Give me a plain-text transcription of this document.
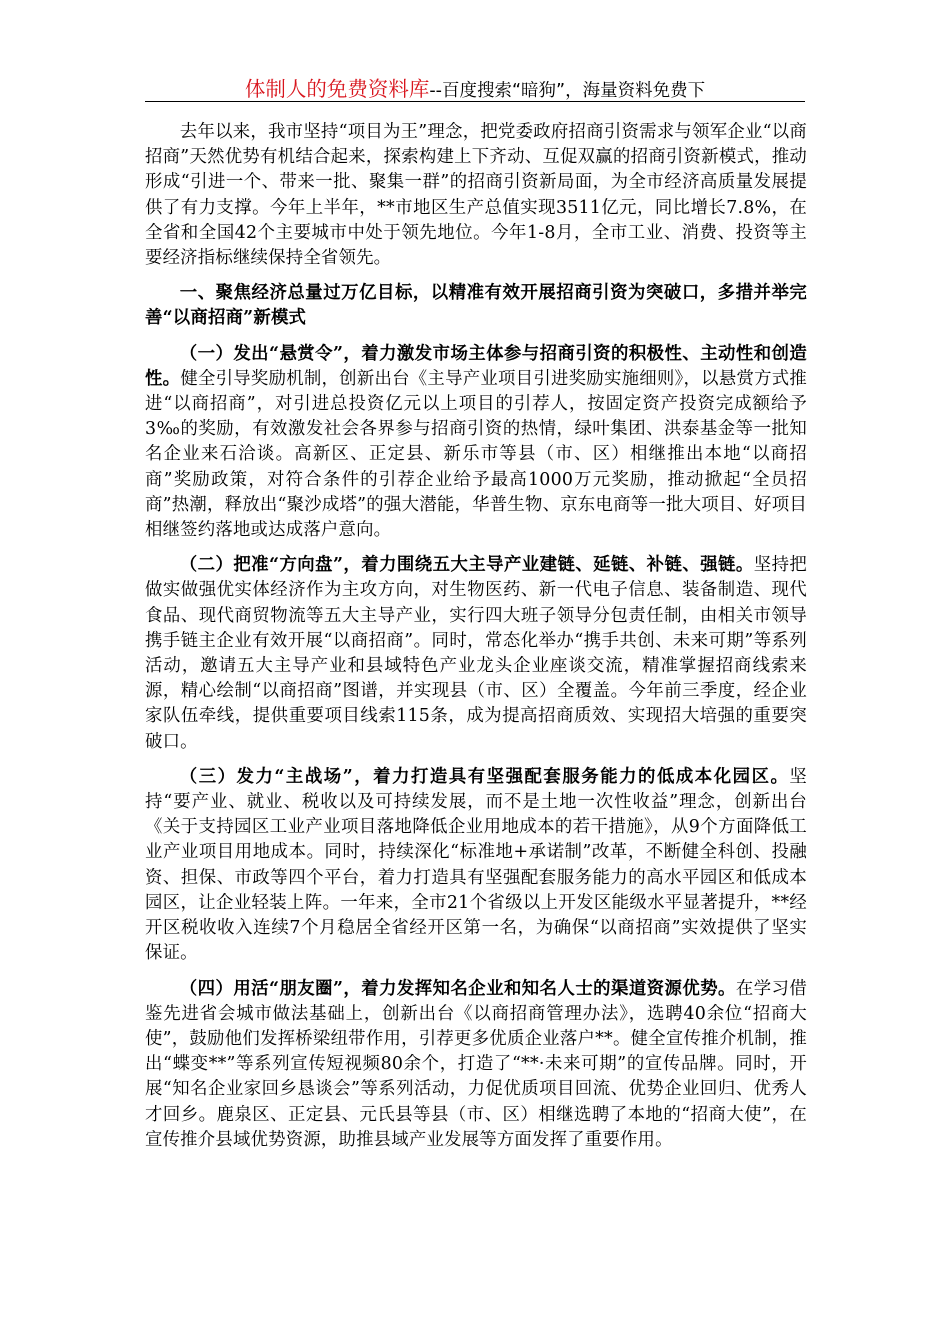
体制人的免费资料库--百度搜索“暗狗”，海量资料免费下

去年以来，我市坚持“项目为王”理念，把党委政府招商引资需求与领军企业“以商招商”天然优势有机结合起来，探索构建上下齐动、互促双赢的招商引资新模式，推动形成“引进一个、带来一批、聚集一群”的招商引资新局面，为全市经济高质量发展提供了有力支撑。今年上半年，**市地区生产总值实现3511亿元，同比增长7.8%，在全省和全国42个主要城市中处于领先地位。今年1-8月，全市工业、消费、投资等主要经济指标继续保持全省领先。

一、聚焦经济总量过万亿目标，以精准有效开展招商引资为突破口，多措并举完善“以商招商”新模式

（一）发出“悬赏令”，着力激发市场主体参与招商引资的积极性、主动性和创造性。健全引导奖励机制，创新出台《主导产业项目引进奖励实施细则》，以悬赏方式推进“以商招商”，对引进总投资亿元以上项目的引荐人，按固定资产投资完成额给予3‰的奖励，有效激发社会各界参与招商引资的热情，绿叶集团、洪泰基金等一批知名企业来石洽谈。高新区、正定县、新乐市等县（市、区）相继推出本地“以商招商”奖励政策，对符合条件的引荐企业给予最高1000万元奖励，推动掀起“全员招商”热潮，释放出“聚沙成塔”的强大潜能，华普生物、京东电商等一批大项目、好项目相继签约落地或达成落户意向。

（二）把准“方向盘”，着力围绕五大主导产业建链、延链、补链、强链。坚持把做实做强优实体经济作为主攻方向，对生物医药、新一代电子信息、装备制造、现代食品、现代商贸物流等五大主导产业，实行四大班子领导分包责任制，由相关市领导携手链主企业有效开展“以商招商”。同时，常态化举办“携手共创、未来可期”等系列活动，邀请五大主导产业和县域特色产业龙头企业座谈交流，精准掌握招商线索来源，精心绘制“以商招商”图谱，并实现县（市、区）全覆盖。今年前三季度，经企业家队伍牵线，提供重要项目线索115条，成为提高招商质效、实现招大培强的重要突破口。

（三）发力“主战场”，着力打造具有坚强配套服务能力的低成本化园区。坚持“要产业、就业、税收以及可持续发展，而不是土地一次性收益”理念，创新出台《关于支持园区工业产业项目落地降低企业用地成本的若干措施》，从9个方面降低工业产业项目用地成本。同时，持续深化“标准地+承诺制”改革，不断健全科创、投融资、担保、市政等四个平台，着力打造具有坚强配套服务能力的高水平园区和低成本园区，让企业轻装上阵。一年来，全市21个省级以上开发区能级水平显著提升，**经开区税收收入连续7个月稳居全省经开区第一名，为确保“以商招商”实效提供了坚实保证。

（四）用活“朋友圈”，着力发挥知名企业和知名人士的渠道资源优势。在学习借鉴先进省会城市做法基础上，创新出台《以商招商管理办法》，选聘40余位“招商大使”，鼓励他们发挥桥梁纽带作用，引荐更多优质企业落户**。健全宣传推介机制，推出“蝶变**”等系列宣传短视频80余个，打造了“**·未来可期”的宣传品牌。同时，开展“知名企业家回乡恳谈会”等系列活动，力促优质项目回流、优势企业回归、优秀人才回乡。鹿泉区、正定县、元氏县等县（市、区）相继选聘了本地的“招商大使”，在宣传推介县域优势资源，助推县域产业发展等方面发挥了重要作用。
